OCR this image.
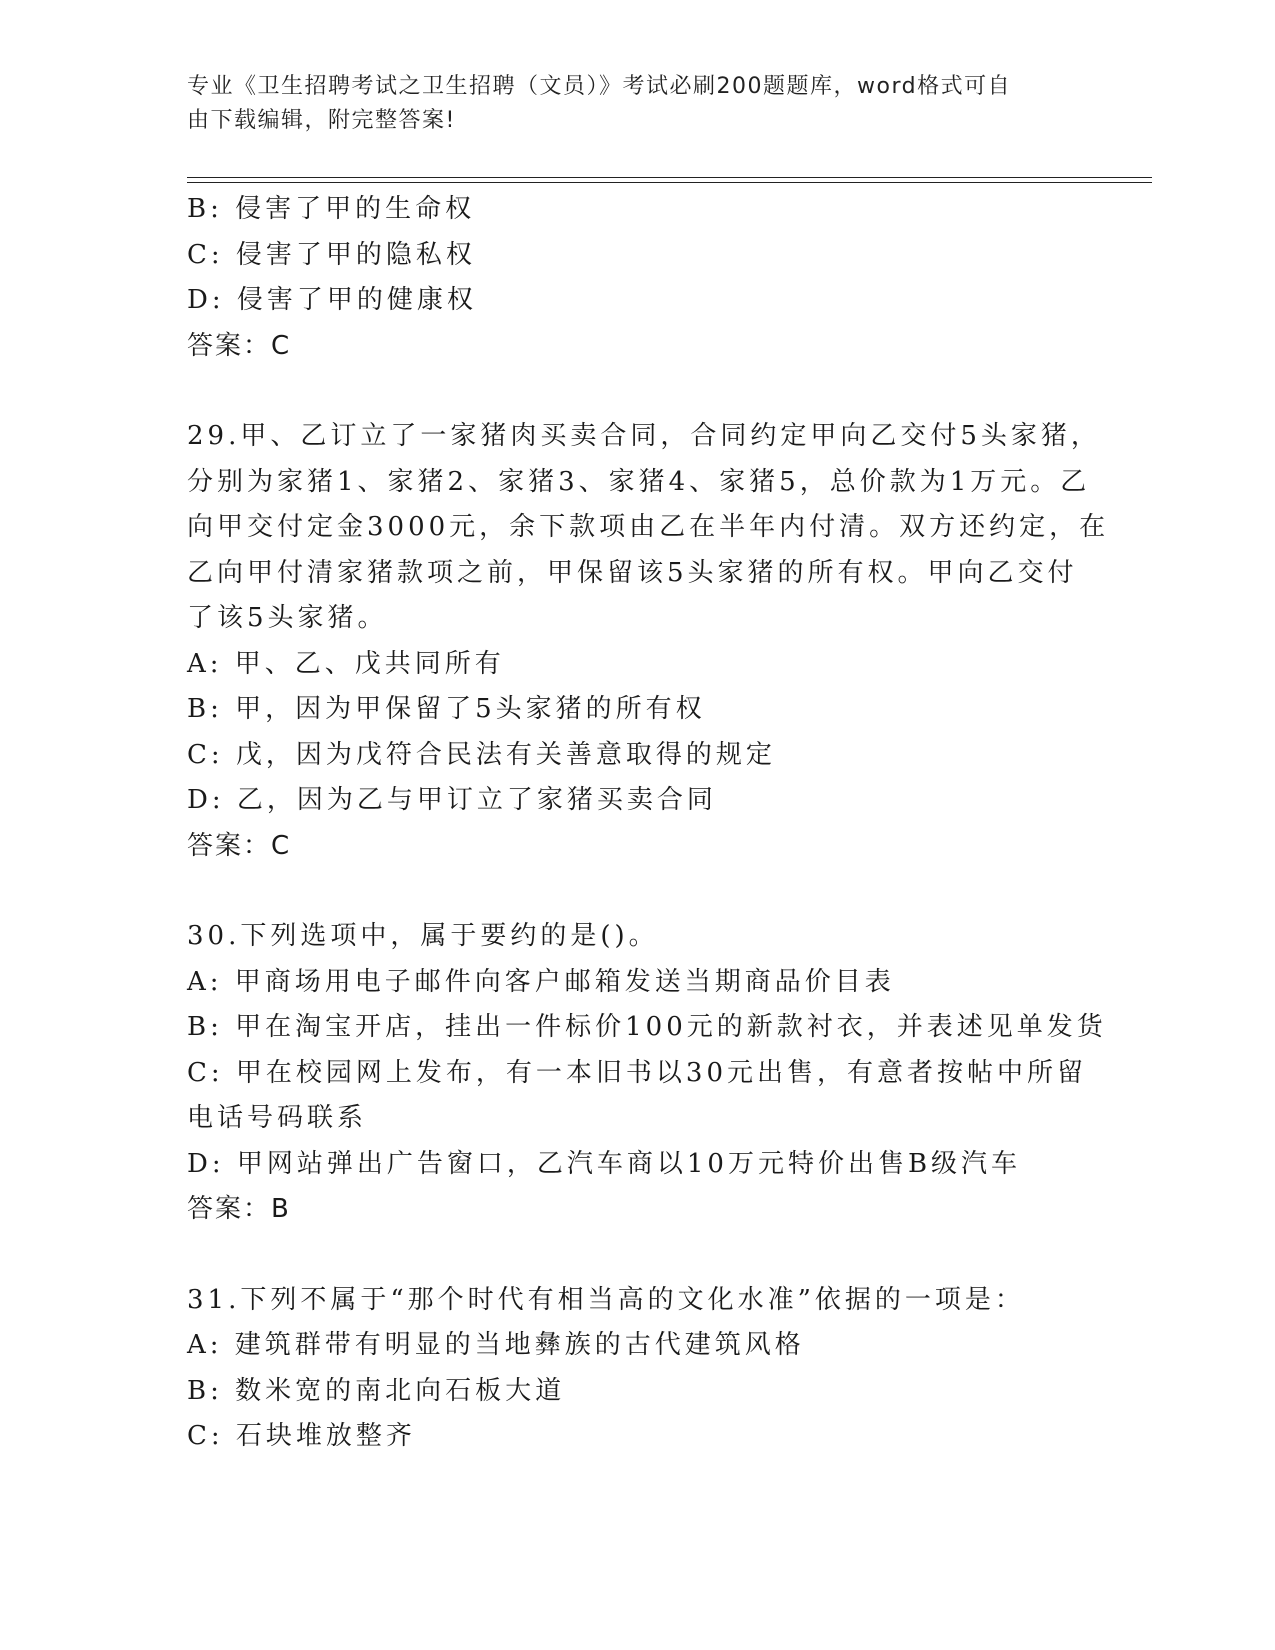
专业《卫生招聘考试之卫生招聘（文员）》考试必刷200题题库，word格式可自
由下载编辑，附完整答案!
B: 侵害了甲的生命权
C: 侵害了甲的隐私权
D: 侵害了甲的健康权
答案：C
29.甲、乙订立了一家猪肉买卖合同，合同约定甲向乙交付5头家猪，
分别为家猪1、家猪2、家猪3、家猪4、家猪5，总价款为1万元。乙
向甲交付定金3000元，余下款项由乙在半年内付清。双方还约定，在
乙向甲付清家猪款项之前，甲保留该5头家猪的所有权。甲向乙交付
了该5头家猪。
A: 甲、乙、戊共同所有
B: 甲，因为甲保留了5头家猪的所有权
C: 戊，因为戊符合民法有关善意取得的规定
D: 乙，因为乙与甲订立了家猪买卖合同
答案：C
30.下列选项中，属于要约的是()。
A: 甲商场用电子邮件向客户邮箱发送当期商品价目表
B: 甲在淘宝开店，挂出一件标价100元的新款衬衣，并表述见单发货
C: 甲在校园网上发布，有一本旧书以30元出售，有意者按帖中所留
电话号码联系
D: 甲网站弹出广告窗口，乙汽车商以10万元特价出售B级汽车
答案：B
31.下列不属于“那个时代有相当高的文化水准”依据的一项是：
A: 建筑群带有明显的当地彝族的古代建筑风格
B: 数米宽的南北向石板大道
C: 石块堆放整齐
